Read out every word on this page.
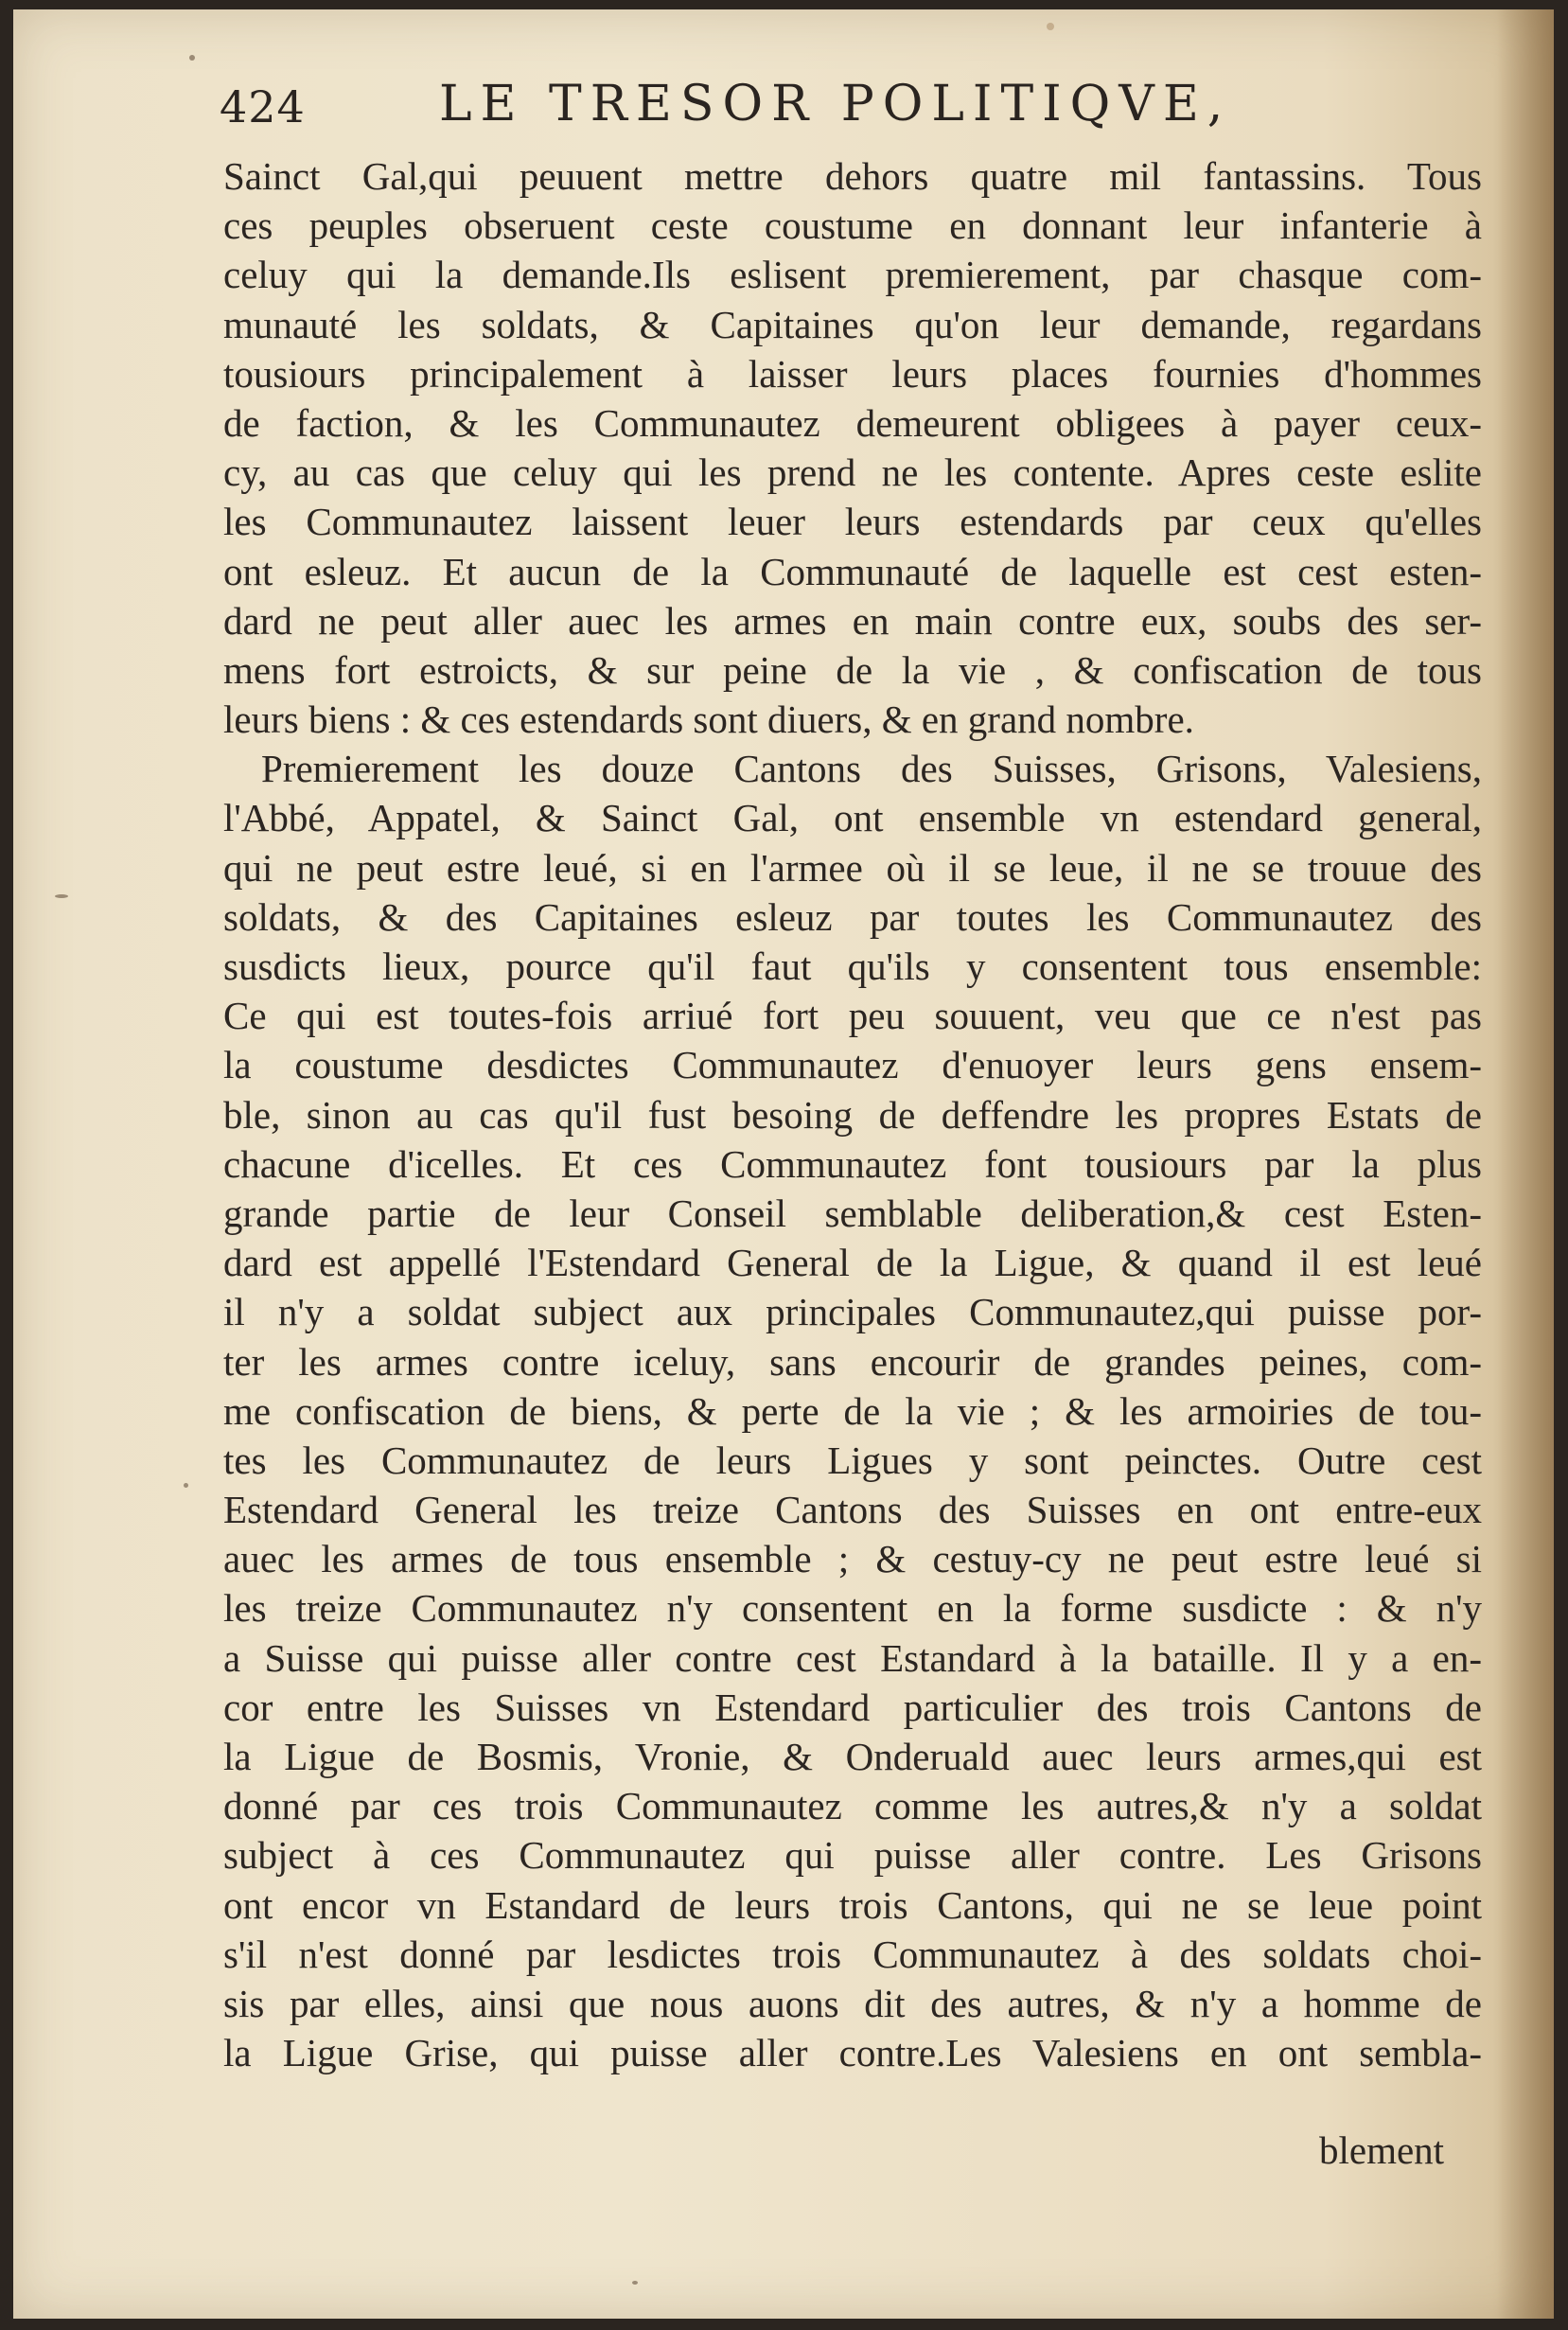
424	LE TRESOR POLITIQVE,
Sainct Gal,qui peuuent mettre dehors quatre mil fantassins. Tous
ces peuples obseruent ceste coustume en donnant leur infanterie à
celuy qui la demande.Ils eslisent premierement, par chasque com-
munauté les soldats, & Capitaines qu'on leur demande, regardans
tousiours principalement à laisser leurs places fournies d'hommes
de faction, & les Communautez demeurent obligees à payer ceux-
cy, au cas que celuy qui les prend ne les contente. Apres ceste eslite
les Communautez laissent leuer leurs estendards par ceux qu'elles
ont esleuz. Et aucun de la Communauté de laquelle est cest esten-
dard ne peut aller auec les armes en main contre eux, soubs des ser-
mens fort estroicts, & sur peine de la vie , & confiscation de tous
leurs biens : & ces estendards sont diuers, & en grand nombre.
Premierement les douze Cantons des Suisses, Grisons, Valesiens,
l'Abbé, Appatel, & Sainct Gal, ont ensemble vn estendard general,
qui ne peut estre leué, si en l'armee où il se leue, il ne se trouue des
soldats, & des Capitaines esleuz par toutes les Communautez des
susdicts lieux, pource qu'il faut qu'ils y consentent tous ensemble:
Ce qui est toutes-fois arriué fort peu souuent, veu que ce n'est pas
la coustume desdictes Communautez d'enuoyer leurs gens ensem-
ble, sinon au cas qu'il fust besoing de deffendre les propres Estats de
chacune d'icelles. Et ces Communautez font tousiours par la plus
grande partie de leur Conseil semblable deliberation,& cest Esten-
dard est appellé l'Estendard General de la Ligue, & quand il est leué
il n'y a soldat subject aux principales Communautez,qui puisse por-
ter les armes contre iceluy, sans encourir de grandes peines, com-
me confiscation de biens, & perte de la vie ; & les armoiries de tou-
tes les Communautez de leurs Ligues y sont peinctes. Outre cest
Estendard General les treize Cantons des Suisses en ont entre-eux
auec les armes de tous ensemble ; & cestuy-cy ne peut estre leué si
les treize Communautez n'y consentent en la forme susdicte : & n'y
a Suisse qui puisse aller contre cest Estandard à la bataille. Il y a en-
cor entre les Suisses vn Estendard particulier des trois Cantons de
la Ligue de Bosmis, Vronie, & Onderuald auec leurs armes,qui est
donné par ces trois Communautez comme les autres,& n'y a soldat
subject à ces Communautez qui puisse aller contre. Les Grisons
ont encor vn Estandard de leurs trois Cantons, qui ne se leue point
s'il n'est donné par lesdictes trois Communautez à des soldats choi-
sis par elles, ainsi que nous auons dit des autres, & n'y a homme de
la Ligue Grise, qui puisse aller contre.Les Valesiens en ont sembla-
blement
